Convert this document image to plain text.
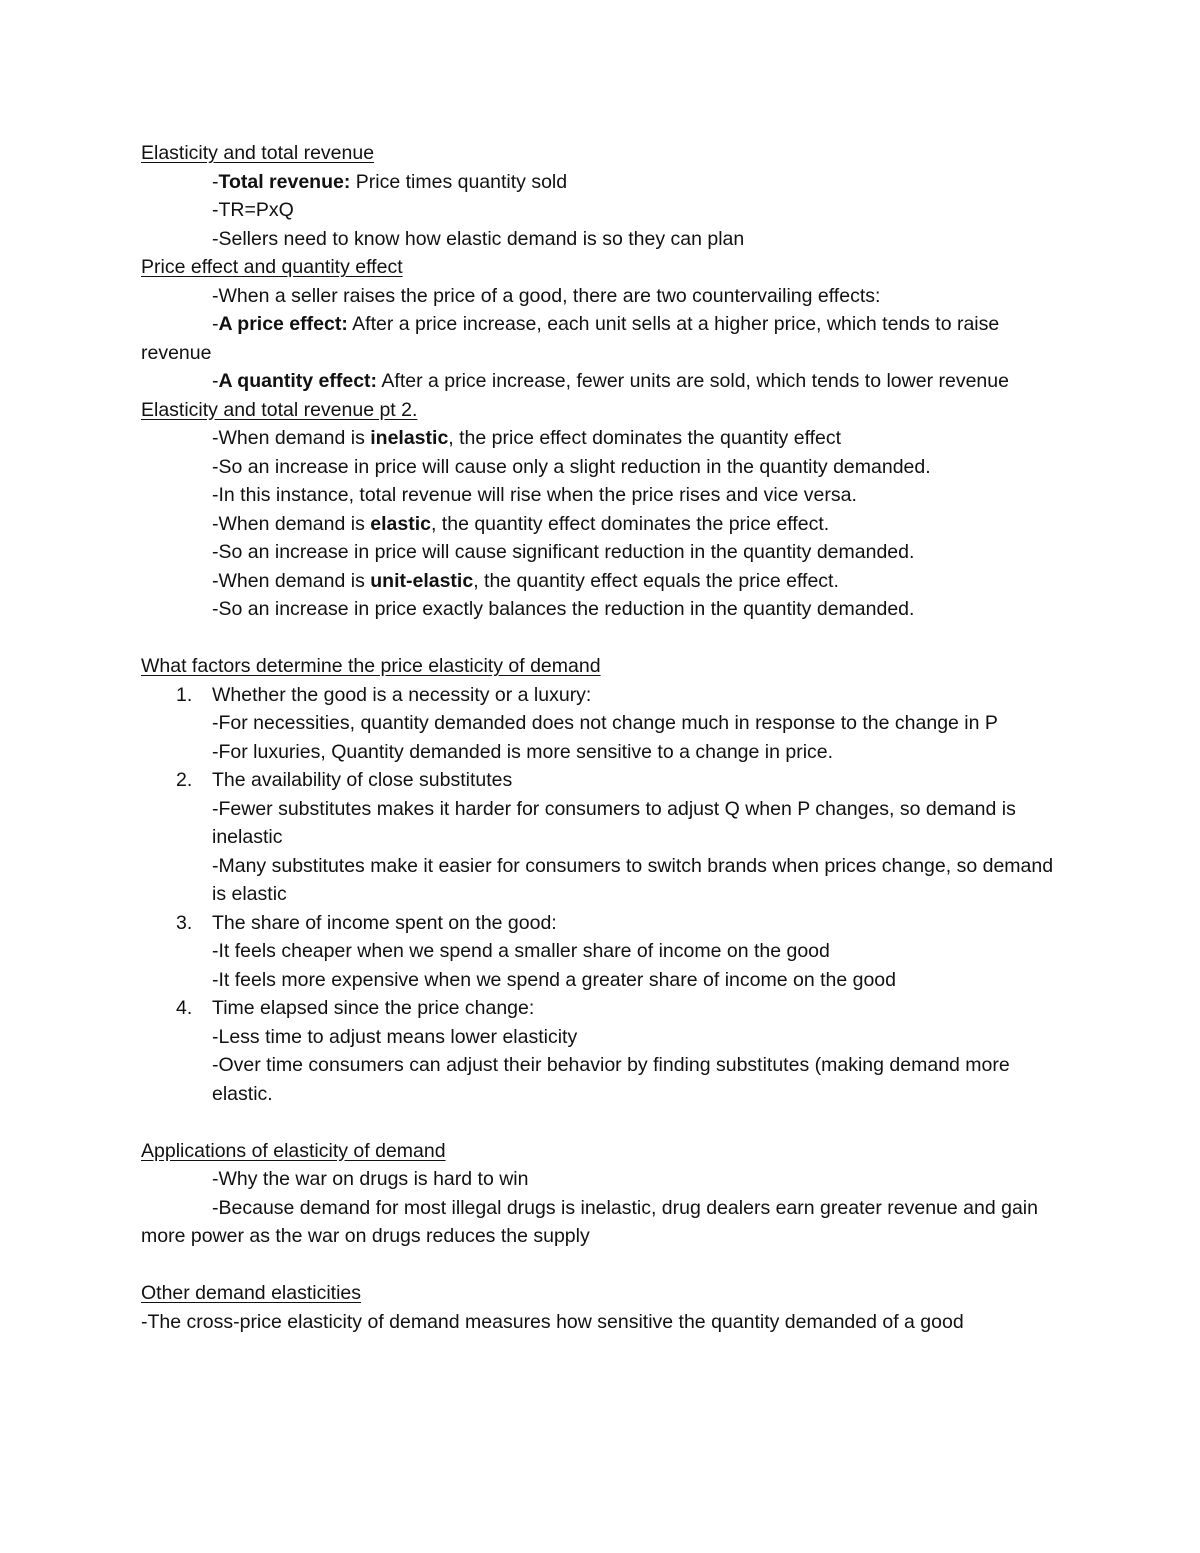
Elasticity and total revenue
-Total revenue: Price times quantity sold
-TR=PxQ
-Sellers need to know how elastic demand is so they can plan
Price effect and quantity effect
-When a seller raises the price of a good, there are two countervailing effects:
-A price effect: After a price increase, each unit sells at a higher price, which tends to raise revenue
-A quantity effect: After a price increase, fewer units are sold, which tends to lower revenue
Elasticity and total revenue pt 2.
-When demand is inelastic, the price effect dominates the quantity effect
-So an increase in price will cause only a slight reduction in the quantity demanded.
-In this instance, total revenue will rise when the price rises and vice versa.
-When demand is elastic, the quantity effect dominates the price effect.
-So an increase in price will cause significant reduction in the quantity demanded.
-When demand is unit-elastic, the quantity effect equals the price effect.
-So an increase in price exactly balances the reduction in the quantity demanded.
What factors determine the price elasticity of demand
1.	Whether the good is a necessity or a luxury:
-For necessities, quantity demanded does not change much in response to the change in P
-For luxuries, Quantity demanded is more sensitive to a change in price.
2.	The availability of close substitutes
-Fewer substitutes makes it harder for consumers to adjust Q when P changes, so demand is inelastic
-Many substitutes make it easier for consumers to switch brands when prices change, so demand is elastic
3.	The share of income spent on the good:
-It feels cheaper when we spend a smaller share of income on the good
-It feels more expensive when we spend a greater share of income on the good
4.	Time elapsed since the price change:
-Less time to adjust means lower elasticity
-Over time consumers can adjust their behavior by finding substitutes (making demand more elastic.
Applications of elasticity of demand
-Why the war on drugs is hard to win
-Because demand for most illegal drugs is inelastic, drug dealers earn greater revenue and gain more power as the war on drugs reduces the supply
Other demand elasticities
-The cross-price elasticity of demand measures how sensitive the quantity demanded of a good
